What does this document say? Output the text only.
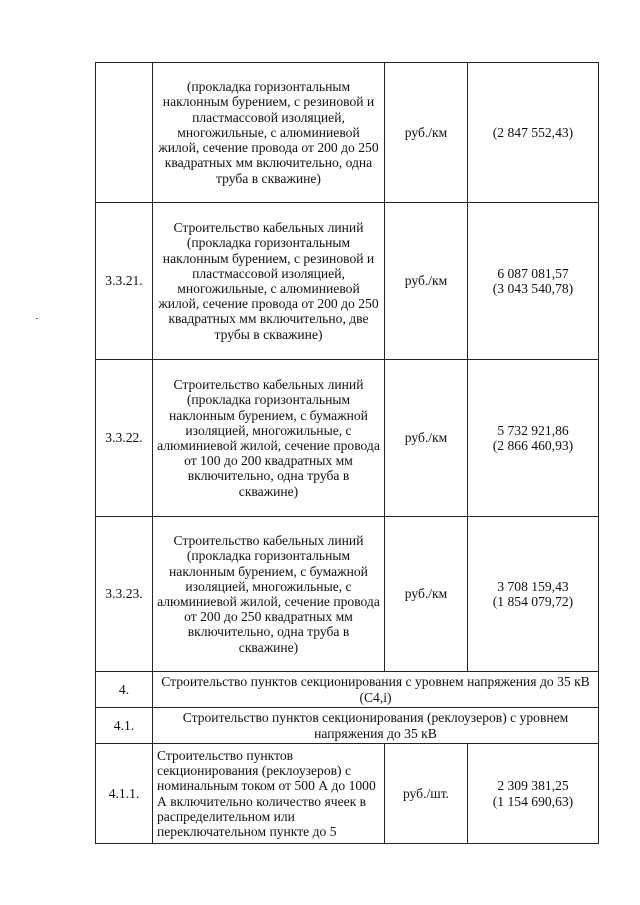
	(прокладка горизонтальным наклонным бурением, с резиновой и пластмассовой изоляцией, многожильные, с алюминиевой жилой, сечение провода от 200 до 250 квадратных мм включительно, одна труба в скважине)	руб./км	(2 847 552,43)

3.3.21.	Строительство кабельных линий (прокладка горизонтальным наклонным бурением, с резиновой и пластмассовой изоляцией, многожильные, с алюминиевой жилой, сечение провода от 200 до 250 квадратных мм включительно, две трубы в скважине)	руб./км	6 087 081,57
(3 043 540,78)

3.3.22.	Строительство кабельных линий (прокладка горизонтальным наклонным бурением, с бумажной изоляцией, многожильные, с алюминиевой жилой, сечение провода от 100 до 200 квадратных мм включительно, одна труба в скважине)	руб./км	5 732 921,86
(2 866 460,93)

3.3.23.	Строительство кабельных линий (прокладка горизонтальным наклонным бурением, с бумажной изоляцией, многожильные, с алюминиевой жилой, сечение провода от 200 до 250 квадратных мм включительно, одна труба в скважине)	руб./км	3 708 159,43
(1 854 079,72)

4.	Строительство пунктов секционирования с уровнем напряжения до 35 кВ (С4,i)		
4.1.	Строительство пунктов секционирования (реклоузеров) с уровнем напряжения до 35 кВ		
4.1.1.	Строительство пунктов секционирования (реклоузеров) с номинальным током от 500 А до 1000 А включительно количество ячеек в распределительном или переключательном пункте до 5	руб./шт.	2 309 381,25
(1 154 690,63)
